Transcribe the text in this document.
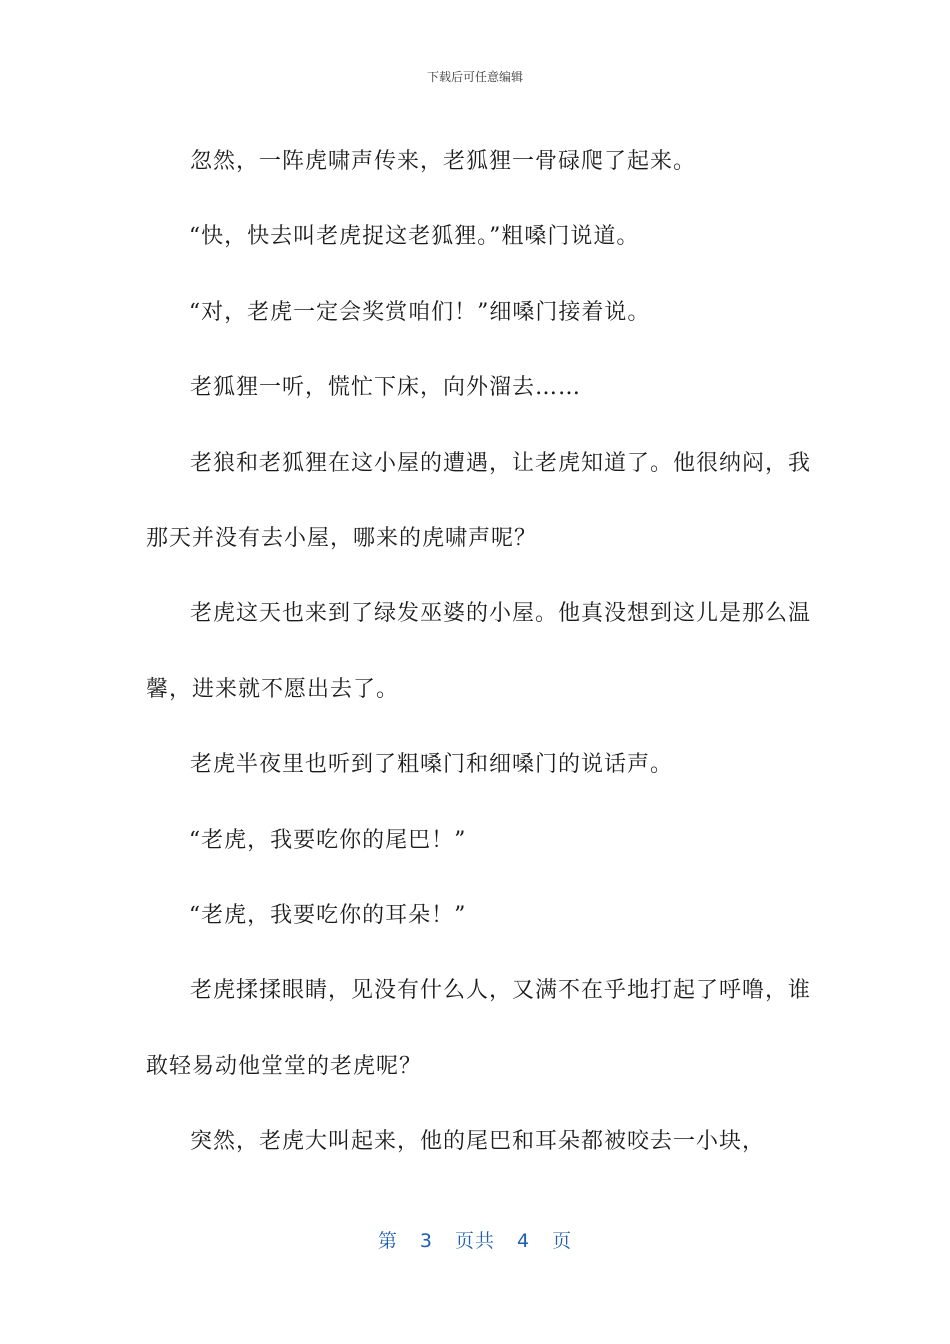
下载后可任意编辑

忽然，一阵虎啸声传来，老狐狸一骨碌爬了起来。

“快，快去叫老虎捉这老狐狸。”粗嗓门说道。

“对，老虎一定会奖赏咱们！”细嗓门接着说。

老狐狸一听，慌忙下床，向外溜去……

老狼和老狐狸在这小屋的遭遇，让老虎知道了。他很纳闷，我那天并没有去小屋，哪来的虎啸声呢？

老虎这天也来到了绿发巫婆的小屋。他真没想到这儿是那么温馨，进来就不愿出去了。

老虎半夜里也听到了粗嗓门和细嗓门的说话声。

“老虎，我要吃你的尾巴！”

“老虎，我要吃你的耳朵！”

老虎揉揉眼睛，见没有什么人，又满不在乎地打起了呼噜，谁敢轻易动他堂堂的老虎呢？

突然，老虎大叫起来，他的尾巴和耳朵都被咬去一小块，

第 3 页共 4 页
